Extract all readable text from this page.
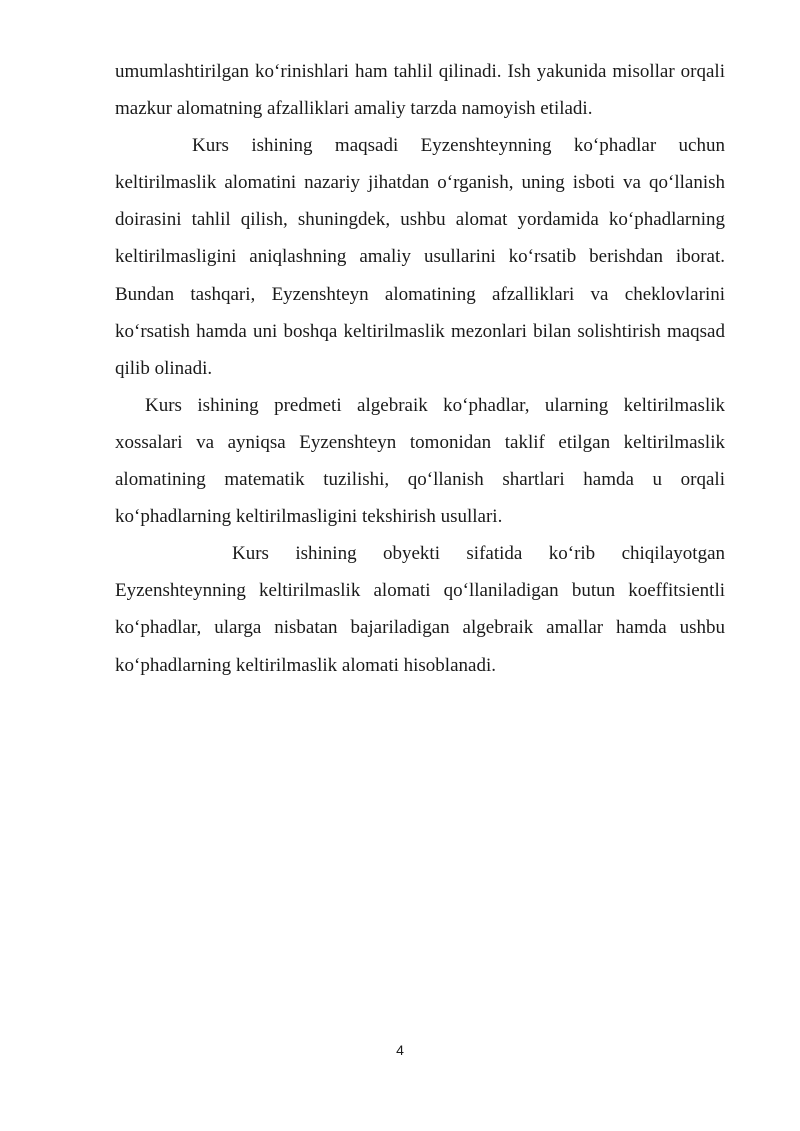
umumlashtirilgan ko‘rinishlari ham tahlil qilinadi. Ish yakunida misollar orqali mazkur alomatning afzalliklari amaliy tarzda namoyish etiladi.

Kurs ishining maqsadi Eyzenshteynning ko‘phadlar uchun keltirilmaslik alomatini nazariy jihatdan o‘rganish, uning isboti va qo‘llanish doirasini tahlil qilish, shuningdek, ushbu alomat yordamida ko‘phadlarning keltirilmasligini aniqlashning amaliy usullarini ko‘rsatib berishdan iborat. Bundan tashqari, Eyzenshteyn alomatining afzalliklari va cheklovlarini ko‘rsatish hamda uni boshqa keltirilmaslik mezonlari bilan solishtirish maqsad qilib olinadi.

Kurs ishining predmeti algebraik ko‘phadlar, ularning keltirilmaslik xossalari va ayniqsa Eyzenshteyn tomonidan taklif etilgan keltirilmaslik alomatining matematik tuzilishi, qo‘llanish shartlari hamda u orqali ko‘phadlarning keltirilmasligini tekshirish usullari.

Kurs ishining obyekti sifatida ko‘rib chiqilayotgan Eyzenshteynning keltirilmaslik alomati qo‘llaniladigan butun koeffitsientli ko‘phadlar, ularga nisbatan bajariladigan algebraik amallar hamda ushbu ko‘phadlarning keltirilmaslik alomati hisoblanadi.

4
